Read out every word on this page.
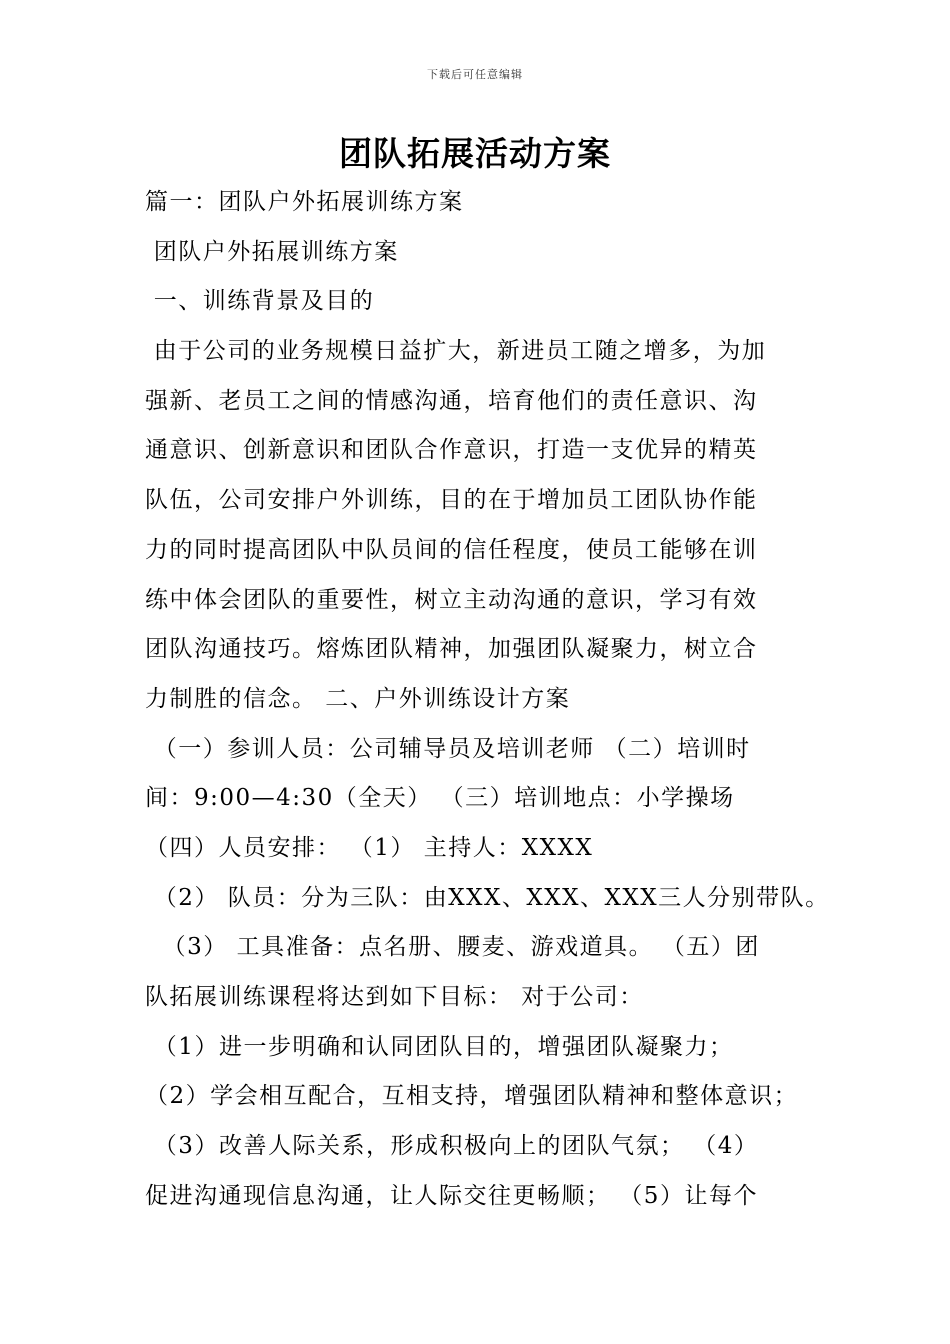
下载后可任意编辑
团队拓展活动方案
篇一：团队户外拓展训练方案
团队户外拓展训练方案
一、训练背景及目的
由于公司的业务规模日益扩大，新进员工随之增多，为加
强新、老员工之间的情感沟通，培育他们的责任意识、沟
通意识、创新意识和团队合作意识，打造一支优异的精英
队伍，公司安排户外训练，目的在于增加员工团队协作能
力的同时提高团队中队员间的信任程度，使员工能够在训
练中体会团队的重要性，树立主动沟通的意识，学习有效
团队沟通技巧。熔炼团队精神，加强团队凝聚力，树立合
力制胜的信念。 二、户外训练设计方案
（一）参训人员：公司辅导员及培训老师 （二）培训时
间：9:00—4:30（全天） （三）培训地点：小学操场
（四）人员安排： （1） 主持人：XXXX
（2） 队员：分为三队：由XXX、XXX、XXX三人分别带队。
（3） 工具准备：点名册、腰麦、游戏道具。 （五）团
队拓展训练课程将达到如下目标： 对于公司：
（1）进一步明确和认同团队目的，增强团队凝聚力；
（2）学会相互配合，互相支持，增强团队精神和整体意识；
（3）改善人际关系，形成积极向上的团队气氛； （4）
促进沟通现信息沟通，让人际交往更畅顺； （5）让每个
